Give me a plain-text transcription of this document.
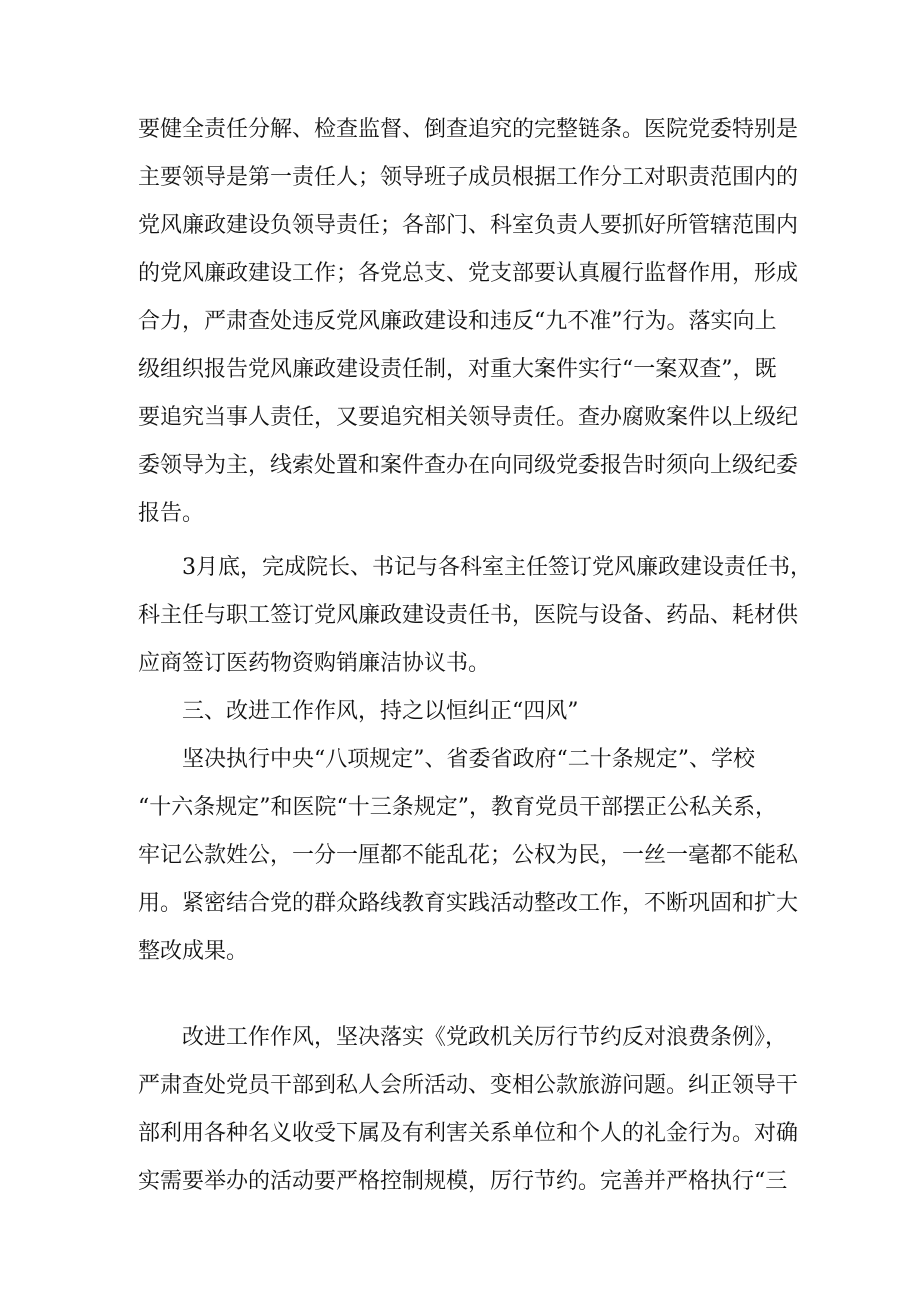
要健全责任分解、检查监督、倒查追究的完整链条。医院党委特别是
主要领导是第一责任人；领导班子成员根据工作分工对职责范围内的
党风廉政建设负领导责任；各部门、科室负责人要抓好所管辖范围内
的党风廉政建设工作；各党总支、党支部要认真履行监督作用，形成
合力，严肃查处违反党风廉政建设和违反“九不准”行为。落实向上
级组织报告党风廉政建设责任制，对重大案件实行“一案双查”，既
要追究当事人责任，又要追究相关领导责任。查办腐败案件以上级纪
委领导为主，线索处置和案件查办在向同级党委报告时须向上级纪委
报告。
3月底，完成院长、书记与各科室主任签订党风廉政建设责任书，
科主任与职工签订党风廉政建设责任书，医院与设备、药品、耗材供
应商签订医药物资购销廉洁协议书。
三、改进工作作风，持之以恒纠正“四风”
坚决执行中央“八项规定”、省委省政府“二十条规定”、学校
“十六条规定”和医院“十三条规定”，教育党员干部摆正公私关系，
牢记公款姓公，一分一厘都不能乱花；公权为民，一丝一毫都不能私
用。紧密结合党的群众路线教育实践活动整改工作，不断巩固和扩大
整改成果。
改进工作作风，坚决落实《党政机关厉行节约反对浪费条例》，
严肃查处党员干部到私人会所活动、变相公款旅游问题。纠正领导干
部利用各种名义收受下属及有利害关系单位和个人的礼金行为。对确
实需要举办的活动要严格控制规模，厉行节约。完善并严格执行“三
